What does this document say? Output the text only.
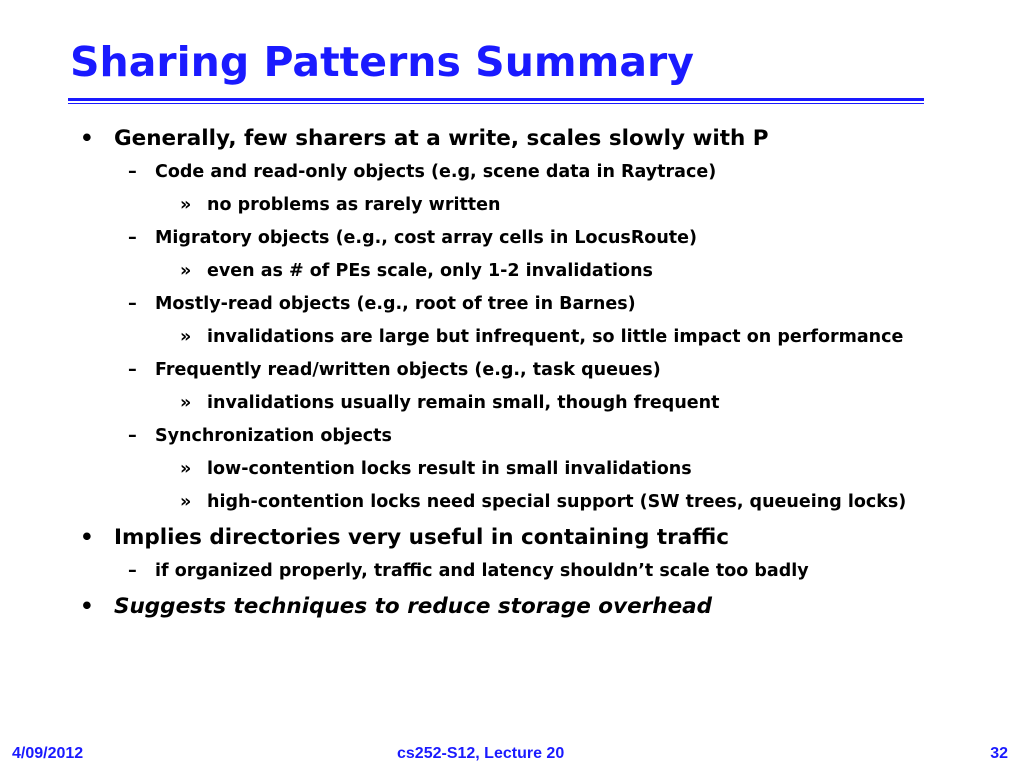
Sharing Patterns Summary
• Generally, few sharers at a write, scales slowly with P
–	Code and read-only objects (e.g, scene data in Raytrace)
» no problems as rarely written
–	Migratory objects (e.g., cost array cells in LocusRoute)
» even as # of PEs scale, only 1-2 invalidations
–	Mostly-read objects (e.g., root of tree in Barnes)
» invalidations are large but infrequent, so little impact on performance
–	Frequently read/written objects (e.g., task queues)
» invalidations usually remain small, though frequent
–	Synchronization objects
» low-contention locks result in small invalidations
» high-contention locks need special support (SW trees, queueing locks)
• Implies directories very useful in containing traffic
–	if organized properly, traffic and latency shouldn’t scale too badly
• Suggests techniques to reduce storage overhead
4/09/2012	cs252-S12, Lecture 20	32
